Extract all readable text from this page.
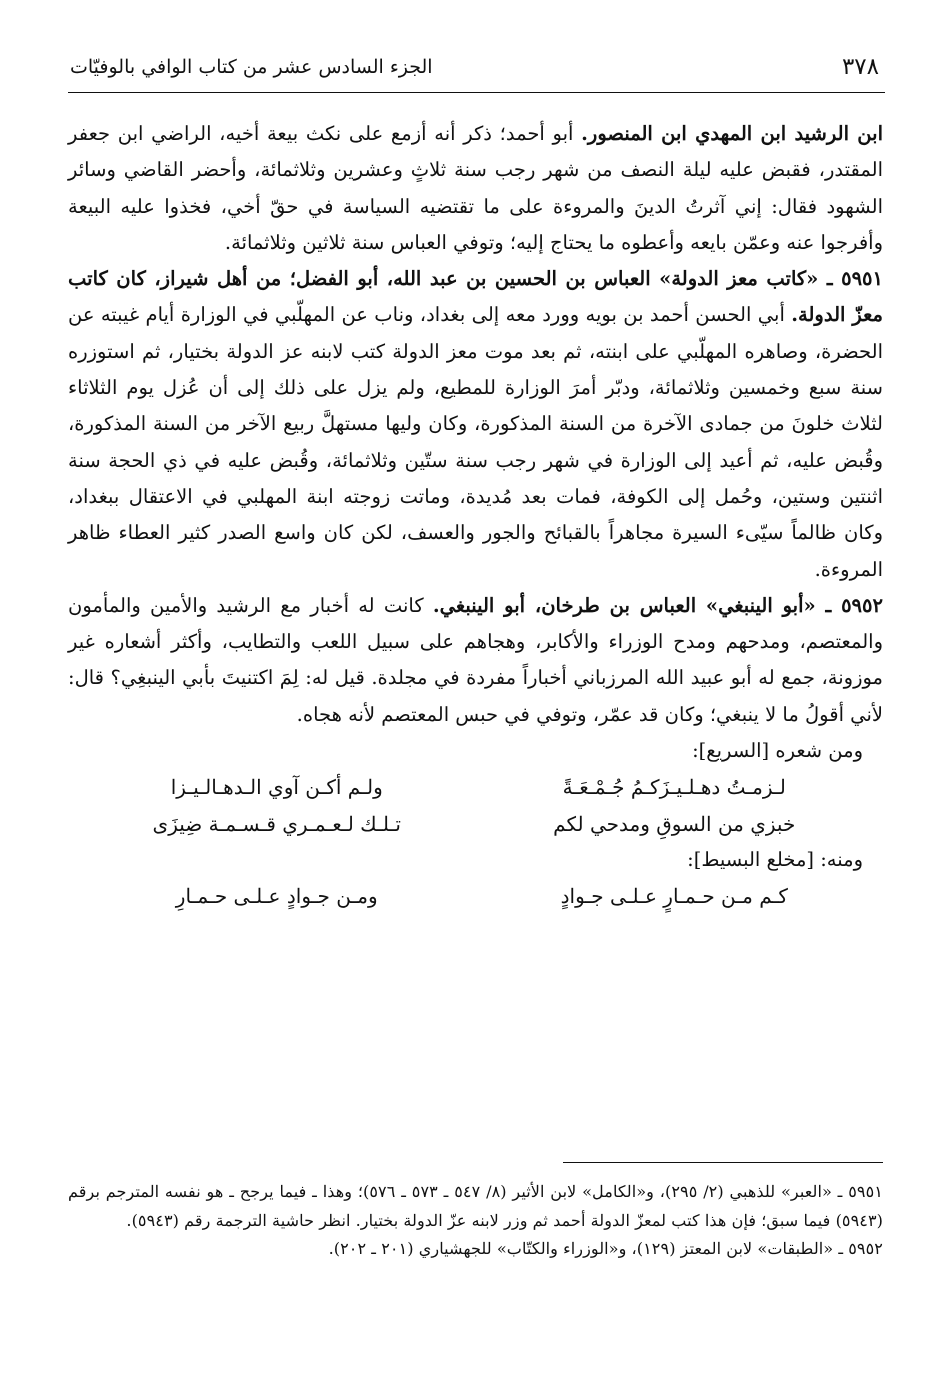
٣٧٨
الجزء السادس عشر من كتاب الوافي بالوفيّات

ابن الرشيد ابن المهدي ابن المنصور. أبو أحمد؛ ذكر أنه أزمع على نكث بيعة أخيه، الراضي ابن جعفر المقتدر، فقبض عليه ليلة النصف من شهر رجب سنة ثلاثٍ وعشرين وثلاثمائة، وأحضر القاضي وسائر الشهود فقال: إني آثرتُ الدينَ والمروءة على ما تقتضيه السياسة في حقّ أخي، فخذوا عليه البيعة وأفرجوا عنه وعمّن بايعه وأعطوه ما يحتاج إليه؛ وتوفي العباس سنة ثلاثين وثلاثمائة.

٥٩٥١ ـ «كاتب معز الدولة» العباس بن الحسين بن عبد الله، أبو الفضل؛ من أهل شيراز، كان كاتب معزّ الدولة. أبي الحسن أحمد بن بويه وورد معه إلى بغداد، وناب عن المهلّبي في الوزارة أيام غيبته عن الحضرة، وصاهره المهلّبي على ابنته، ثم بعد موت معز الدولة كتب لابنه عز الدولة بختيار، ثم استوزره سنة سبع وخمسين وثلاثمائة، ودبّر أمرَ الوزارة للمطيع، ولم يزل على ذلك إلى أن عُزل يوم الثلاثاء لثلاث خلونَ من جمادى الآخرة من السنة المذكورة، وكان وليها مستهلَّ ربيع الآخر من السنة المذكورة، وقُبض عليه، ثم أعيد إلى الوزارة في شهر رجب سنة ستّين وثلاثمائة، وقُبض عليه في ذي الحجة سنة اثنتين وستين، وحُمل إلى الكوفة، فمات بعد مُديدة، وماتت زوجته ابنة المهلبي في الاعتقال ببغداد، وكان ظالماً سيّىء السيرة مجاهراً بالقبائح والجور والعسف، لكن كان واسع الصدر كثير العطاء ظاهر المروءة.

٥٩٥٢ ـ «أبو الينبغي» العباس بن طرخان، أبو الينبغي. كانت له أخبار مع الرشيد والأمين والمأمون والمعتصم، ومدحهم ومدح الوزراء والأكابر، وهجاهم على سبيل اللعب والتطايب، وأكثر أشعاره غير موزونة، جمع له أبو عبيد الله المرزباني أخباراً مفردة في مجلدة. قيل له: لِمَ اكتنيتَ بأبي الينبغِي؟ قال: لأني أقولُ ما لا ينبغي؛ وكان قد عمّر، وتوفي في حبس المعتصم لأنه هجاه.

ومن شعره [السريع]:
لـزمـتُ دهـلـيـزَكـمُ جُـمْـعَـةً
ولـم أكـن آوي الـدهـالـيـزا
خبزي من السوقِ ومدحي لكم
تـلـك لـعـمـري قـسـمـة ضِيزَى
ومنه: [مخلع البسيط]:
كـم مـن حـمـارٍ عـلـى جـوادٍ
ومـن جـوادٍ عـلـى حـمـارِ

٥٩٥١ ـ «العبر» للذهبي (٢/ ٢٩٥)، و«الكامل» لابن الأثير (٨/ ٥٤٧ ـ ٥٧٣ ـ ٥٧٦)؛ وهذا ـ فيما يرجح ـ هو نفسه المترجم برقم (٥٩٤٣) فيما سبق؛ فإن هذا كتب لمعزّ الدولة أحمد ثم وزر لابنه عزّ الدولة بختيار. انظر حاشية الترجمة رقم (٥٩٤٣).

٥٩٥٢ ـ «الطبقات» لابن المعتز (١٢٩)، و«الوزراء والكتّاب» للجهشياري (٢٠١ ـ ٢٠٢).
